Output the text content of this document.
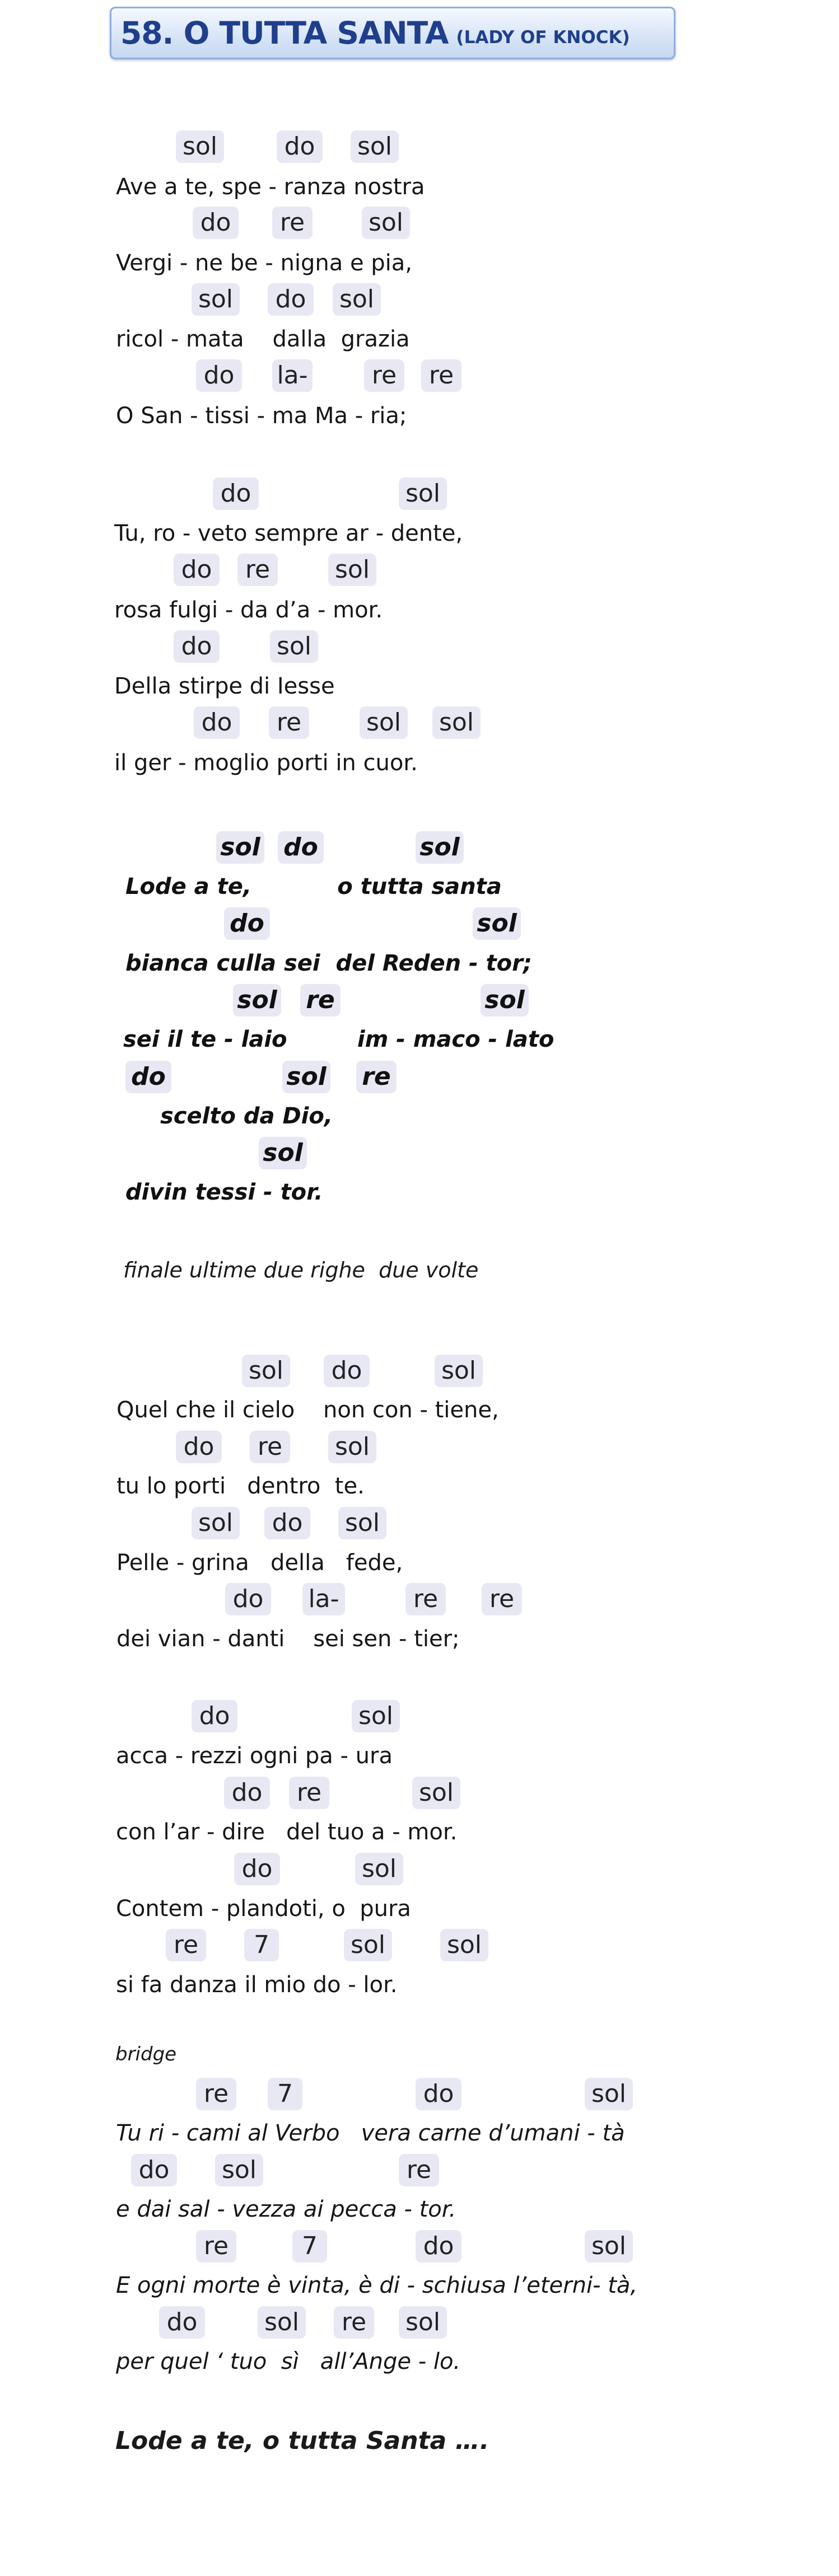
58. O TUTTA SANTA (LADY OF KNOCK)
sol	do	sol
Ave a te, spe - ranza nostra
do	re	sol
Vergi - ne be - nigna e pia,
sol	do	sol
ricol - mata    dalla  grazia
do	la-	re	re
O San - tissi - ma Ma - ria;
do	sol
Tu, ro - veto sempre ar - dente,
do	re	sol
rosa fulgi - da d’a - mor.
do	sol
Della stirpe di Iesse
do	re	sol sol
il ger - moglio porti in cuor.
sol do	sol
Lode a te,           o tutta santa
do	sol
bianca culla sei  del Reden - tor;
sol re	sol
sei il te - laio         im - maco - lato
do	sol re
scelto da Dio,
sol
divin tessi - tor.
finale ultime due righe  due volte
sol	do	sol
Quel che il cielo    non con - tiene,
do	re	sol
tu lo porti   dentro  te.
sol	do	sol
Pelle - grina   della   fede,
do	la-	re	re
dei vian - danti    sei sen - tier;
do	sol
acca - rezzi ogni pa - ura
do	re	sol
con l’ar - dire   del tuo a - mor.
do	sol
Contem - plandoti, o  pura
re	7	sol sol
si fa danza il mio do - lor.
bridge
re	7	do	sol
Tu ri - cami al Verbo   vera carne d’umani - tà
do	sol	re
e dai sal - vezza ai pecca - tor.
re	7	do	sol
E ogni morte è vinta, è di - schiusa l’eterni- tà,
do	sol	re	sol
per quel ‘ tuo  sì   all’Ange - lo.
Lode a te, o tutta Santa ….
